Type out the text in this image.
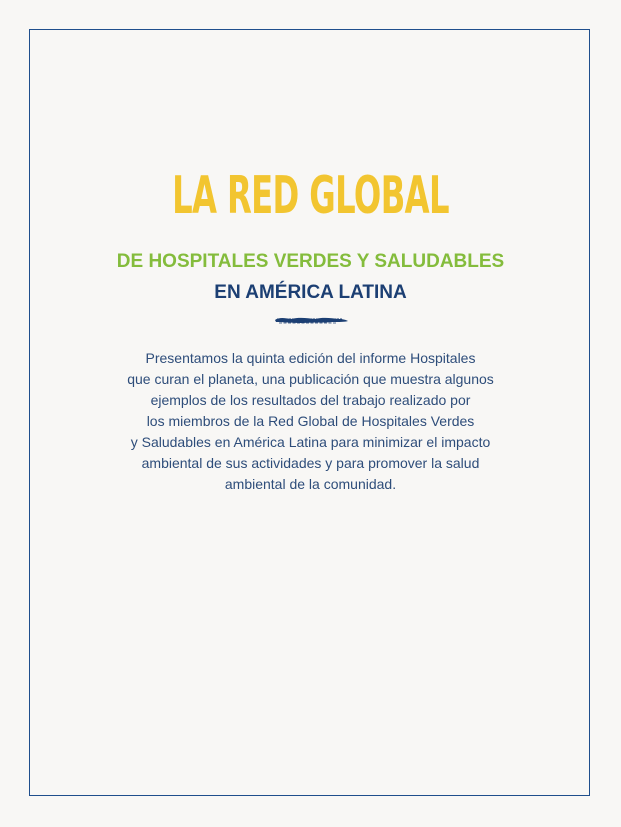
LA RED GLOBAL
DE HOSPITALES VERDES Y SALUDABLES
EN AMÉRICA LATINA
Presentamos la quinta edición del informe Hospitales
que curan el planeta, una publicación que muestra algunos
ejemplos de los resultados del trabajo realizado por
los miembros de la Red Global de Hospitales Verdes
y Saludables en América Latina para minimizar el impacto
ambiental de sus actividades y para promover la salud
ambiental de la comunidad.
